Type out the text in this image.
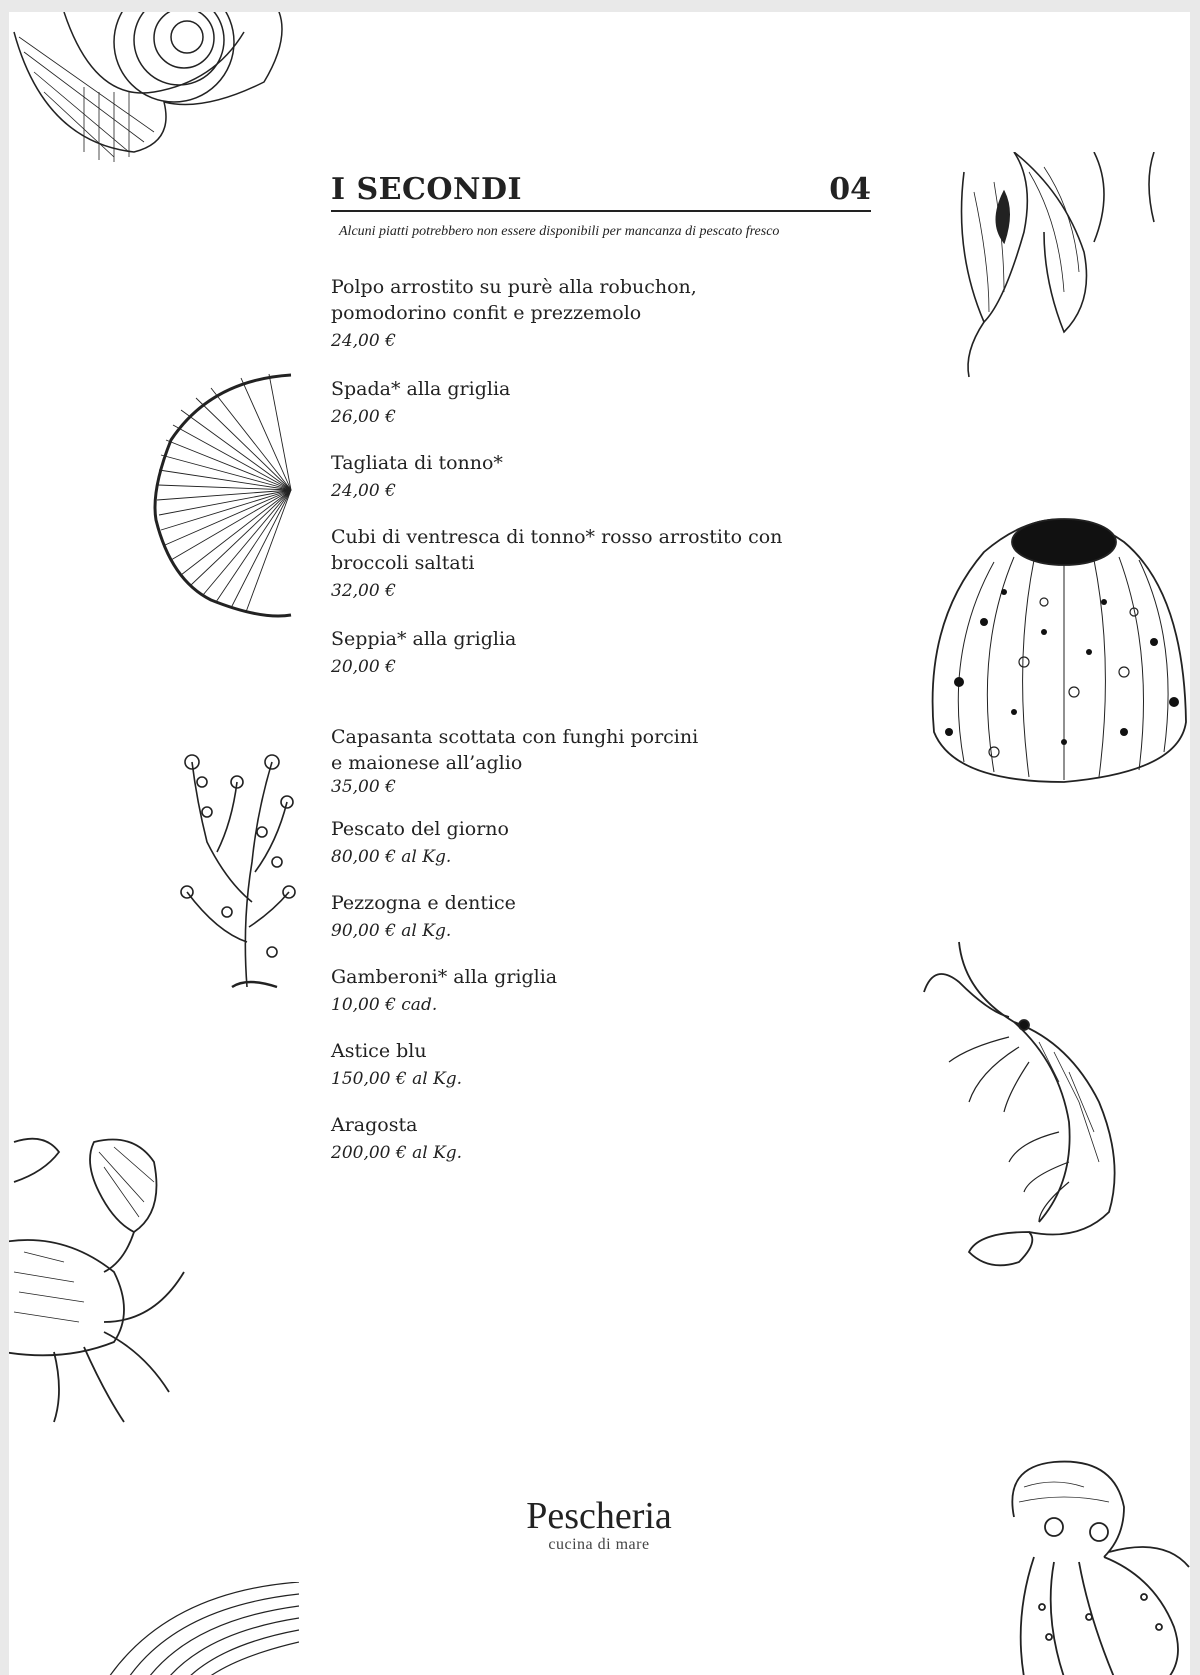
I SECONDI	04
Alcuni piatti potrebbero non essere disponibili per mancanza di pescato fresco
Polpo arrostito su purè alla robuchon,
pomodorino confit e prezzemolo
24,00 €
Spada* alla griglia
26,00 €
Tagliata di tonno*
24,00 €
Cubi di ventresca di tonno* rosso arrostito con
broccoli saltati
32,00 €
Seppia* alla griglia
20,00 €
Capasanta scottata con funghi porcini
e maionese all’aglio
35,00 €
Pescato del giorno
80,00 € al Kg.
Pezzogna e dentice
90,00 € al Kg.
Gamberoni* alla griglia
10,00 € cad.
Astice blu
150,00 € al Kg.
Aragosta
200,00 € al Kg.
Pescheria
cucina di mare
